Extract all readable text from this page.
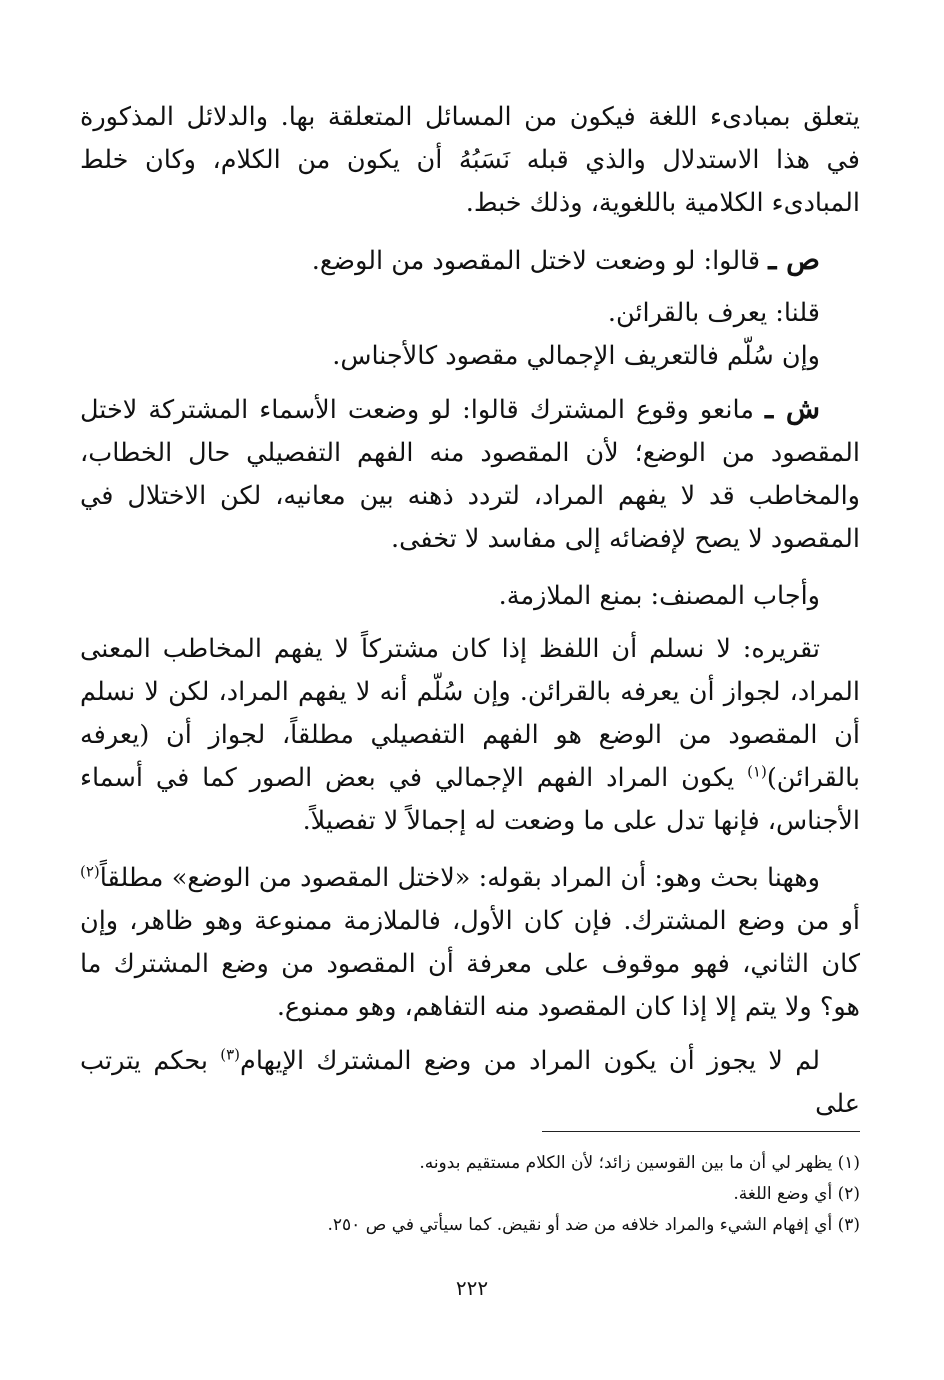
يتعلق بمبادىء اللغة فيكون من المسائل المتعلقة بها. والدلائل المذكورة في هذا الاستدلال والذي قبله نَسَبُهُ أن يكون من الكلام، وكان خلط المبادىء الكلامية باللغوية، وذلك خبط.

ص ـ قالوا: لو وضعت لاختل المقصود من الوضع.

قلنا: يعرف بالقرائن.

وإن سُلّم فالتعريف الإجمالي مقصود كالأجناس.

ش ـ مانعو وقوع المشترك قالوا: لو وضعت الأسماء المشتركة لاختل المقصود من الوضع؛ لأن المقصود منه الفهم التفصيلي حال الخطاب، والمخاطب قد لا يفهم المراد، لتردد ذهنه بين معانيه، لكن الاختلال في المقصود لا يصح لإفضائه إلى مفاسد لا تخفى.

وأجاب المصنف: بمنع الملازمة.

تقريره: لا نسلم أن اللفظ إذا كان مشتركاً لا يفهم المخاطب المعنى المراد، لجواز أن يعرفه بالقرائن. وإن سُلّم أنه لا يفهم المراد، لكن لا نسلم أن المقصود من الوضع هو الفهم التفصيلي مطلقاً، لجواز أن (يعرفه بالقرائن)$^{(١)}$ يكون المراد الفهم الإجمالي في بعض الصور كما في أسماء الأجناس، فإنها تدل على ما وضعت له إجمالاً لا تفصيلاً.

وههنا بحث وهو: أن المراد بقوله: «لاختل المقصود من الوضع» مطلقاً$^{(٢)}$ أو من وضع المشترك. فإن كان الأول، فالملازمة ممنوعة وهو ظاهر، وإن كان الثاني، فهو موقوف على معرفة أن المقصود من وضع المشترك ما هو؟ ولا يتم إلا إذا كان المقصود منه التفاهم، وهو ممنوع.

لم لا يجوز أن يكون المراد من وضع المشترك الإيهام$^{(٣)}$ بحكم يترتب على

(١) يظهر لي أن ما بين القوسين زائد؛ لأن الكلام مستقيم بدونه.

(٢) أي وضع اللغة.

(٣) أي إفهام الشيء والمراد خلافه من ضد أو نقيض. كما سيأتي في ص ٢٥٠.

٢٢٢
